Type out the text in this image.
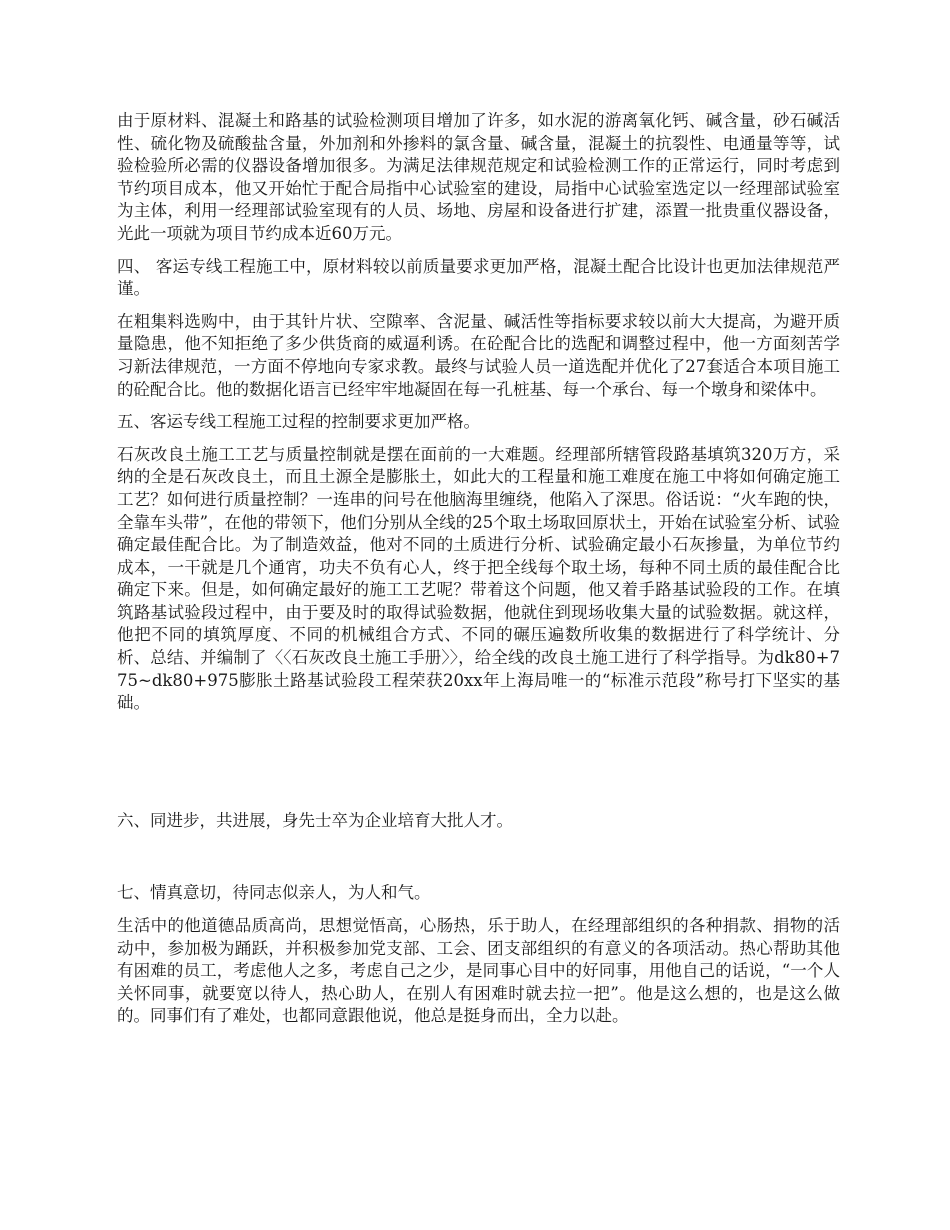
由于原材料、混凝土和路基的试验检测项目增加了许多，如水泥的游离氧化钙、碱含量，砂石碱活性、硫化物及硫酸盐含量，外加剂和外掺料的氯含量、碱含量，混凝土的抗裂性、电通量等等，试验检验所必需的仪器设备增加很多。为满足法律规范规定和试验检测工作的正常运行，同时考虑到节约项目成本，他又开始忙于配合局指中心试验室的建设，局指中心试验室选定以一经理部试验室为主体，利用一经理部试验室现有的人员、场地、房屋和设备进行扩建，添置一批贵重仪器设备，光此一项就为项目节约成本近60万元。

四、 客运专线工程施工中，原材料较以前质量要求更加严格，混凝土配合比设计也更加法律规范严谨。

在粗集料选购中，由于其针片状、空隙率、含泥量、碱活性等指标要求较以前大大提高，为避开质量隐患，他不知拒绝了多少供货商的威逼利诱。在砼配合比的选配和调整过程中，他一方面刻苦学习新法律规范，一方面不停地向专家求教。最终与试验人员一道选配并优化了27套适合本项目施工的砼配合比。他的数据化语言已经牢牢地凝固在每一孔桩基、每一个承台、每一个墩身和梁体中。

五、客运专线工程施工过程的控制要求更加严格。

石灰改良土施工工艺与质量控制就是摆在面前的一大难题。经理部所辖管段路基填筑320万方，采纳的全是石灰改良土，而且土源全是膨胀土，如此大的工程量和施工难度在施工中将如何确定施工工艺？如何进行质量控制？一连串的问号在他脑海里缠绕，他陷入了深思。俗话说：“火车跑的快，全靠车头带”，在他的带领下，他们分别从全线的25个取土场取回原状土，开始在试验室分析、试验确定最佳配合比。为了制造效益，他对不同的土质进行分析、试验确定最小石灰掺量，为单位节约成本，一干就是几个通宵，功夫不负有心人，终于把全线每个取土场，每种不同土质的最佳配合比确定下来。但是，如何确定最好的施工工艺呢？带着这个问题，他又着手路基试验段的工作。在填筑路基试验段过程中，由于要及时的取得试验数据，他就住到现场收集大量的试验数据。就这样，他把不同的填筑厚度、不同的机械组合方式、不同的碾压遍数所收集的数据进行了科学统计、分析、总结、并编制了〈〈石灰改良土施工手册〉〉，给全线的改良土施工进行了科学指导。为dk80+775~dk80+975膨胀土路基试验段工程荣获20xx年上海局唯一的“标准示范段”称号打下坚实的基础。

六、同进步，共进展，身先士卒为企业培育大批人才。

七、情真意切，待同志似亲人，为人和气。

生活中的他道德品质高尚，思想觉悟高，心肠热，乐于助人，在经理部组织的各种捐款、捐物的活动中，参加极为踊跃，并积极参加党支部、工会、团支部组织的有意义的各项活动。热心帮助其他有困难的员工，考虑他人之多，考虑自己之少，是同事心目中的好同事，用他自己的话说，“一个人关怀同事，就要宽以待人，热心助人，在别人有困难时就去拉一把”。他是这么想的，也是这么做的。同事们有了难处，也都同意跟他说，他总是挺身而出，全力以赴。
